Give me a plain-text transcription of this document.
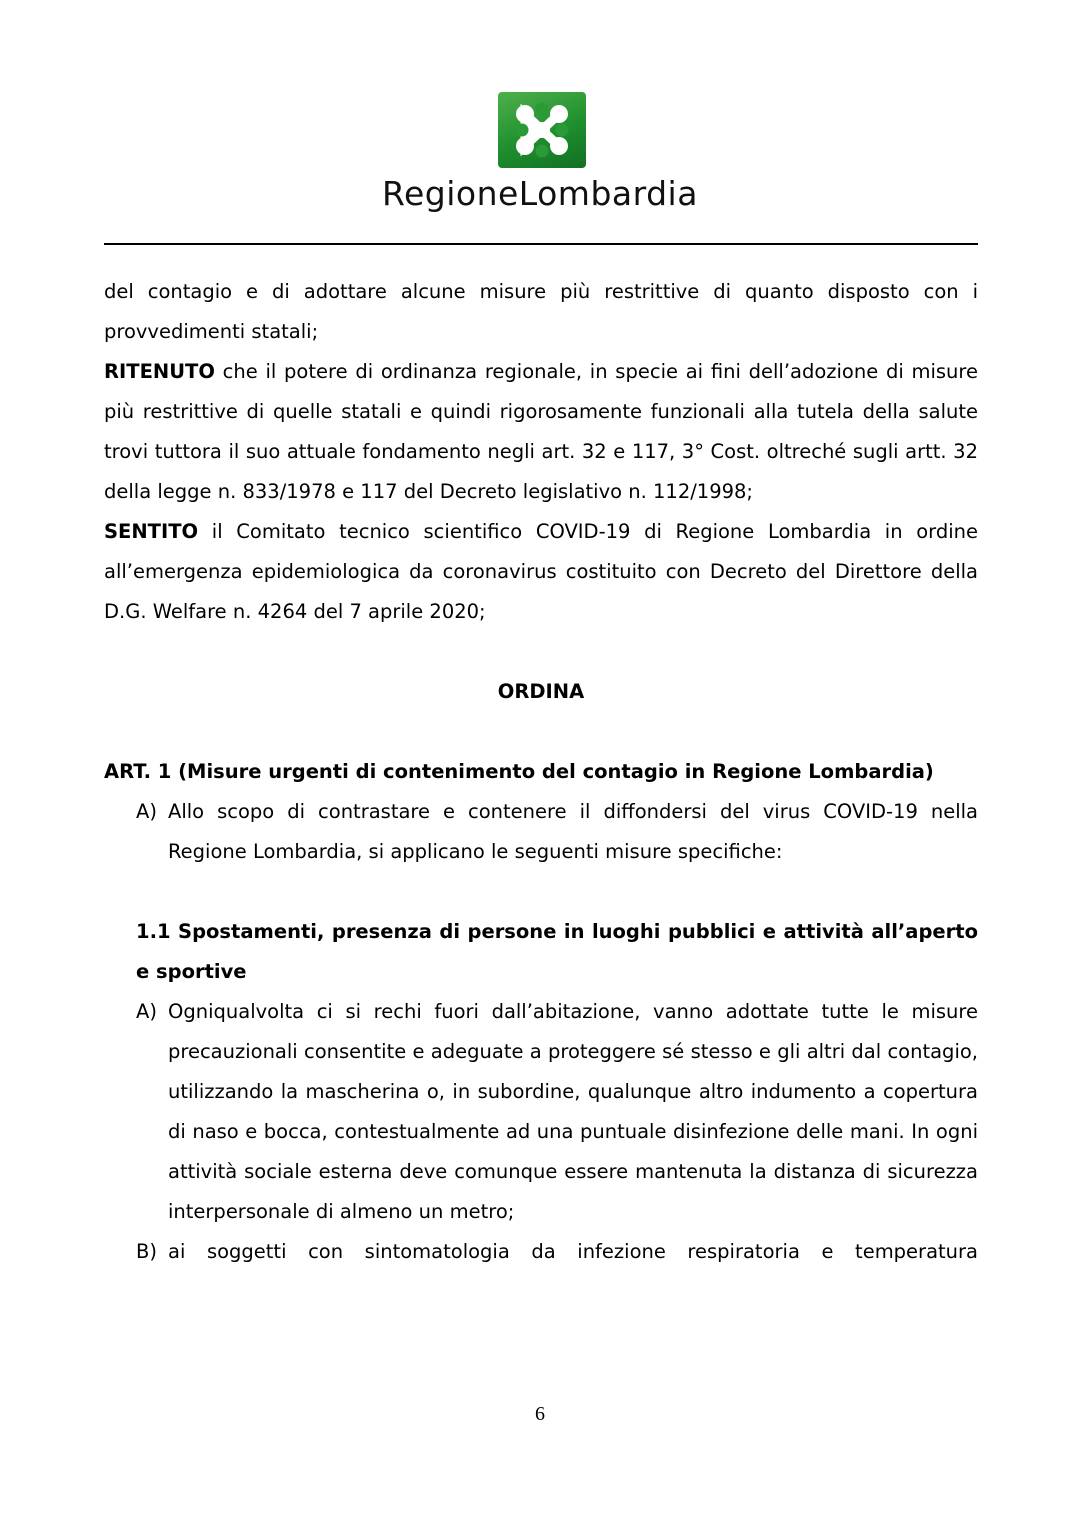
RegioneLombardia

del contagio e di adottare alcune misure più restrittive di quanto disposto con i provvedimenti statali;

RITENUTO che il potere di ordinanza regionale, in specie ai fini dell’adozione di misure più restrittive di quelle statali e quindi rigorosamente funzionali alla tutela della salute trovi tuttora il suo attuale fondamento negli art. 32 e 117, 3° Cost. oltreché sugli artt. 32 della legge n. 833/1978 e 117 del Decreto legislativo n. 112/1998;

SENTITO il Comitato tecnico scientifico COVID-19 di Regione Lombardia in ordine all’emergenza epidemiologica da coronavirus costituito con Decreto del Direttore della D.G. Welfare n. 4264 del 7 aprile 2020;

ORDINA

ART. 1 (Misure urgenti di contenimento del contagio in Regione Lombardia)

A) Allo scopo di contrastare e contenere il diffondersi del virus COVID-19 nella Regione Lombardia, si applicano le seguenti misure specifiche:

1.1 Spostamenti, presenza di persone in luoghi pubblici e attività all’aperto e sportive

A) Ogniqualvolta ci si rechi fuori dall’abitazione, vanno adottate tutte le misure precauzionali consentite e adeguate a proteggere sé stesso e gli altri dal contagio, utilizzando la mascherina o, in subordine, qualunque altro indumento a copertura di naso e bocca, contestualmente ad una puntuale disinfezione delle mani. In ogni attività sociale esterna deve comunque essere mantenuta la distanza di sicurezza interpersonale di almeno un metro;
B) ai soggetti con sintomatologia da infezione respiratoria e temperatura
6
